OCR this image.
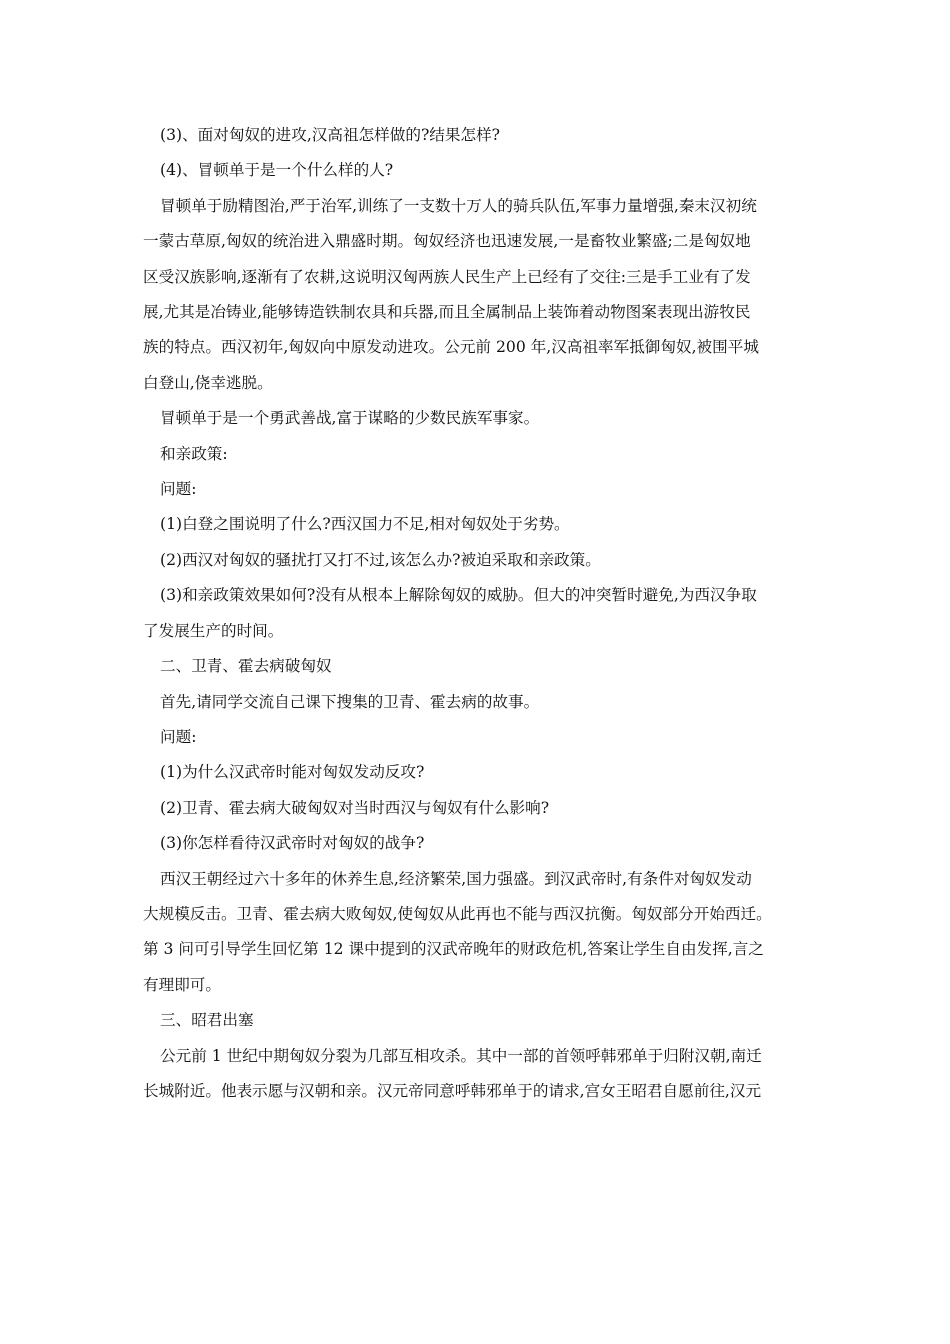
(3)、面对匈奴的进攻,汉高祖怎样做的?结果怎样?

(4)、冒顿单于是一个什么样的人?

冒顿单于励精图治,严于治军,训练了一支数十万人的骑兵队伍,军事力量增强,秦末汉初统

一蒙古草原,匈奴的统治进入鼎盛时期。匈奴经济也迅速发展,一是畜牧业繁盛;二是匈奴地

区受汉族影响,逐渐有了农耕,这说明汉匈两族人民生产上已经有了交往:三是手工业有了发

展,尤其是冶铸业,能够铸造铁制农具和兵器,而且全属制品上装饰着动物图案表现出游牧民

族的特点。西汉初年,匈奴向中原发动进攻。公元前 200 年,汉高祖率军抵御匈奴,被围平城

白登山,侥幸逃脱。

冒顿单于是一个勇武善战,富于谋略的少数民族军事家。

和亲政策:

问题:

(1)白登之围说明了什么?西汉国力不足,相对匈奴处于劣势。

(2)西汉对匈奴的骚扰打又打不过,该怎么办?被迫采取和亲政策。

(3)和亲政策效果如何?没有从根本上解除匈奴的威胁。但大的冲突暂时避免,为西汉争取

了发展生产的时间。

二、卫青、霍去病破匈奴

首先,请同学交流自己课下搜集的卫青、霍去病的故事。

问题:

(1)为什么汉武帝时能对匈奴发动反攻?

(2)卫青、霍去病大破匈奴对当时西汉与匈奴有什么影响?

(3)你怎样看待汉武帝时对匈奴的战争?

西汉王朝经过六十多年的休养生息,经济繁荣,国力强盛。到汉武帝时,有条件对匈奴发动

大规模反击。卫青、霍去病大败匈奴,使匈奴从此再也不能与西汉抗衡。匈奴部分开始西迁。

第 3 问可引导学生回忆第 12 课中提到的汉武帝晚年的财政危机,答案让学生自由发挥,言之

有理即可。

三、昭君出塞

公元前 1 世纪中期匈奴分裂为几部互相攻杀。其中一部的首领呼韩邪单于归附汉朝,南迁

长城附近。他表示愿与汉朝和亲。汉元帝同意呼韩邪单于的请求,宫女王昭君自愿前往,汉元
